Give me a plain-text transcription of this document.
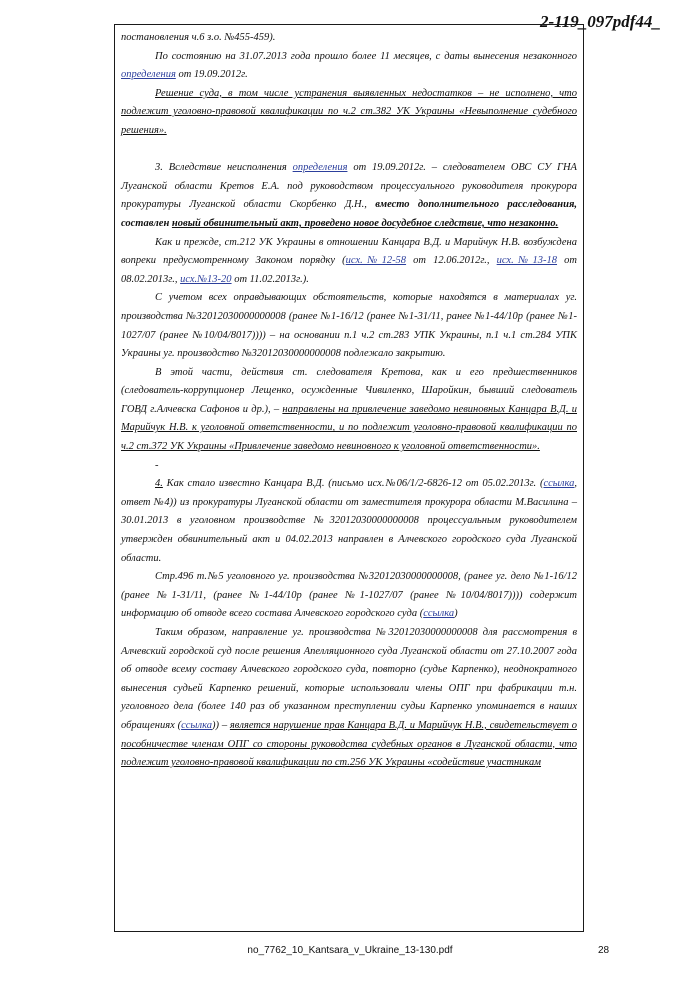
2-119_097pdf44_

постановления ч.6 з.о. №455-459).

По состоянию на 31.07.2013 года прошло более 11 месяцев, с даты вынесения незаконного определения от 19.09.2012г.

Решение суда, в том числе устранения выявленных недостатков – не исполнено, что подлежит уголовно-правовой квалификации по ч.2 ст.382 УК Украины «Невыполнение судебного решения».

3. Вследствие неисполнения определения от 19.09.2012г. – следователем ОВС СУ ГНА Луганской области Кретов Е.А. под руководством процессуального руководителя прокурора прокуратуры Луганской области Скорбенко Д.Н., вместо дополнительного расследования, составлен новый обвинительный акт, проведено новое досудебное следствие, что незаконно.

Как и прежде, ст.212 УК Украины в отношении Канцара В.Д. и Марийчук Н.В. возбуждена вопреки предусмотренному Законом порядку (исх.№12-58 от 12.06.2012г., исх.№13-18 от 08.02.2013г., исх.№13-20 от 11.02.2013г.).

С учетом всех оправдывающих обстоятельств, которые находятся в материалах уг. производства №32012030000000008 (ранее №1-16/12 (ранее №1-31/11, ранее №1-44/10р (ранее №1-1027/07 (ранее №10/04/8017)))) – на основании п.1 ч.2 ст.283 УПК Украины, п.1 ч.1 ст.284 УПК Украины уг. производство №32012030000000008 подлежало закрытию.

В этой части, действия ст. следователя Кретова, как и его предшественников (следователь-коррупционер Лещенко, осужденные Чивиленко, Шаройкин, бывший следователь ГОВД г.Алчевска Сафонов и др.), – направлены на привлечение заведомо невиновных Канцара В.Д. и Марийчук Н.В. к уголовной ответственности, и по подлежит уголовно-правовой квалификации по ч.2 ст.372 УК Украины «Привлечение заведомо невиновного к уголовной ответственности».

-

4. Как стало известно Канцара В.Д. (письмо исх.№06/1/2-6826-12 от 05.02.2013г. (ссылка, ответ №4)) из прокуратуры Луганской области от заместителя прокурора области М.Василина – 30.01.2013 в уголовном производстве №32012030000000008 процессуальным руководителем утвержден обвинительный акт и 04.02.2013 направлен в Алчевского городского суда Луганской области.

Стр.496 т.№5 уголовного уг. производства №32012030000000008, (ранее уг. дело №1-16/12 (ранее №1-31/11, (ранее №1-44/10р (ранее №1-1027/07 (ранее №10/04/8017)))) содержит информацию об отводе всего состава Алчевского городского суда (ссылка)

Таким образом, направление уг. производства №32012030000000008 для рассмотрения в Алчевский городской суд после решения Апелляционного суда Луганской области от 27.10.2007 года об отводе всему составу Алчевского городского суда, повторно (судье Карпенко), неоднократного вынесения судьей Карпенко решений, которые использовали члены ОПГ при фабрикации т.н. уголовного дела (более 140 раз об указанном преступлении судьи Карпенко упоминается в наших обращениях (ссылка)) – является нарушение прав Канцара В.Д. и Марийчук Н.В., свидетельствует о пособничестве членам ОПГ со стороны руководства судебных органов в Луганской области, что подлежит уголовно-правовой квалификации по ст.256 УК Украины «содействие участникам

no_7762_10_Kantsara_v_Ukraine_13-130.pdf	28
